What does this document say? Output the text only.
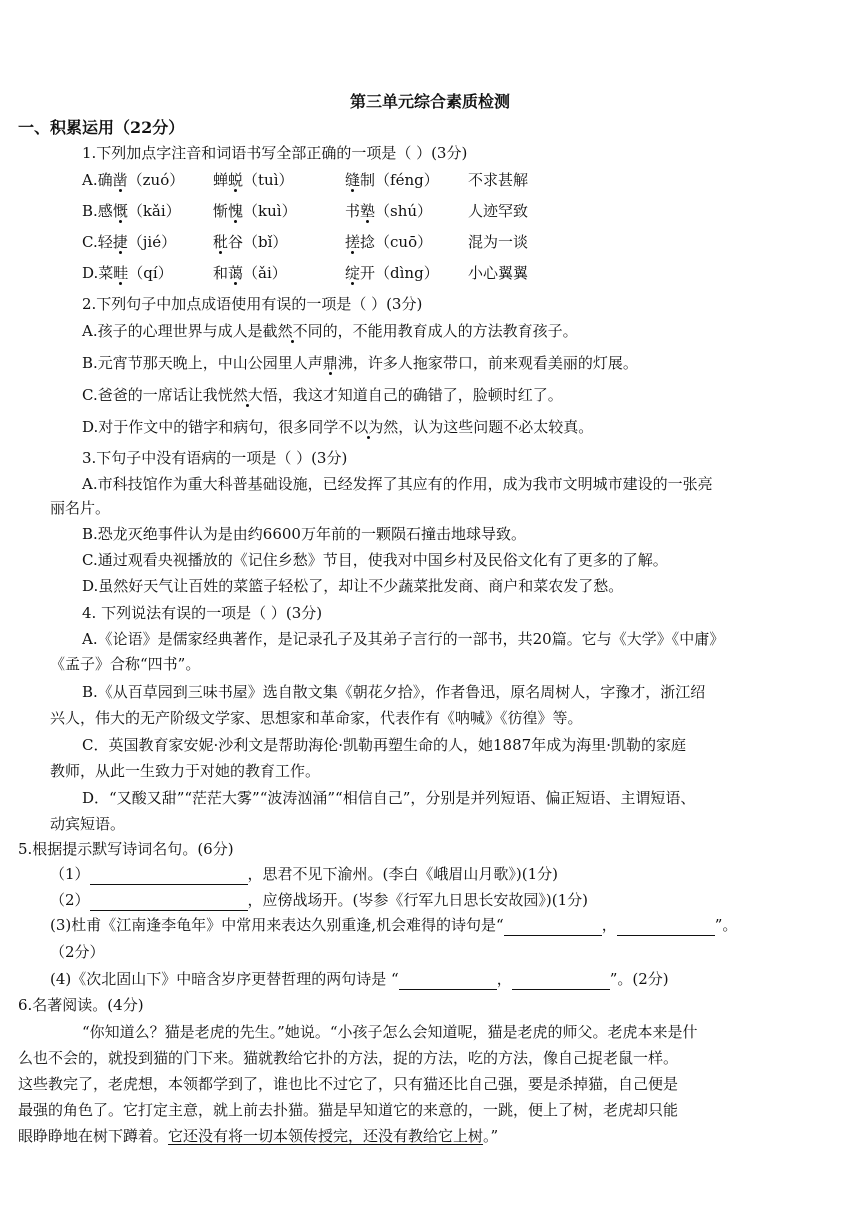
第三单元综合素质检测
一、积累运用（22分）
1.下列加点字注音和词语书写全部正确的一项是（ ）(3分)
A.确凿（zuó） 蝉蜕（tuì）	缝制（féng） 不求甚解
B.感慨（kǎi） 惭愧（kuì）	书塾（shú） 人迹罕致
C.轻捷（jié） 秕谷（bǐ）	搓捻（cuō） 混为一谈
D.菜畦（qí）	和蔼（ǎi）	绽开（dìng） 小心翼翼
2.下列句子中加点成语使用有误的一项是（ ）(3分)
A.孩子的心理世界与成人是截然不同的，不能用教育成人的方法教育孩子。
B.元宵节那天晚上，中山公园里人声鼎沸，许多人拖家带口，前来观看美丽的灯展。
C.爸爸的一席话让我恍然大悟，我这才知道自己的确错了，脸顿时红了。
D.对于作文中的错字和病句，很多同学不以为然，认为这些问题不必太较真。
3.下句子中没有语病的一项是（ ）(3分)
A.市科技馆作为重大科普基础设施，已经发挥了其应有的作用，成为我市文明城市建设的一张亮
丽名片。
B.恐龙灭绝事件认为是由约6600万年前的一颗陨石撞击地球导致。
C.通过观看央视播放的《记住乡愁》节目，使我对中国乡村及民俗文化有了更多的了解。
D.虽然好天气让百姓的菜篮子轻松了，却让不少蔬菜批发商、商户和菜农发了愁。
4. 下列说法有误的一项是（ ）(3分)
A.《论语》是儒家经典著作，是记录孔子及其弟子言行的一部书，共20篇。它与《大学》《中庸》
《孟子》合称“四书”。
B.《从百草园到三味书屋》选自散文集《朝花夕拾》，作者鲁迅，原名周树人，字豫才，浙江绍
兴人，伟大的无产阶级文学家、思想家和革命家，代表作有《呐喊》《彷徨》等。
C．英国教育家安妮·沙利文是帮助海伦·凯勒再塑生命的人，她1887年成为海里·凯勒的家庭
教师，从此一生致力于对她的教育工作。
D．“又酸又甜”“茫茫大雾”“波涛汹涌”“相信自己”，分别是并列短语、偏正短语、主谓短语、
动宾短语。
5.根据提示默写诗词名句。(6分)
（1）	，思君不见下渝州。(李白《峨眉山月歌》)(1分)
（2）	，应傍战场开。(岑参《行军九日思长安故园》)(1分)
(3)杜甫《江南逢李龟年》中常用来表达久别重逢,机会难得的诗句是“	，	”。
（2分）
(4)《次北固山下》中暗含岁序更替哲理的两句诗是 “	，	”。(2分)
6.名著阅读。(4分)
“你知道么？猫是老虎的先生。”她说。“小孩子怎么会知道呢，猫是老虎的师父。老虎本来是什
么也不会的，就投到猫的门下来。猫就教给它扑的方法，捉的方法，吃的方法，像自己捉老鼠一样。
这些教完了，老虎想，本领都学到了，谁也比不过它了，只有猫还比自己强，要是杀掉猫，自己便是
最强的角色了。它打定主意，就上前去扑猫。猫是早知道它的来意的，一跳，便上了树，老虎却只能
眼睁睁地在树下蹲着。它还没有将一切本领传授完，还没有教给它上树。”
